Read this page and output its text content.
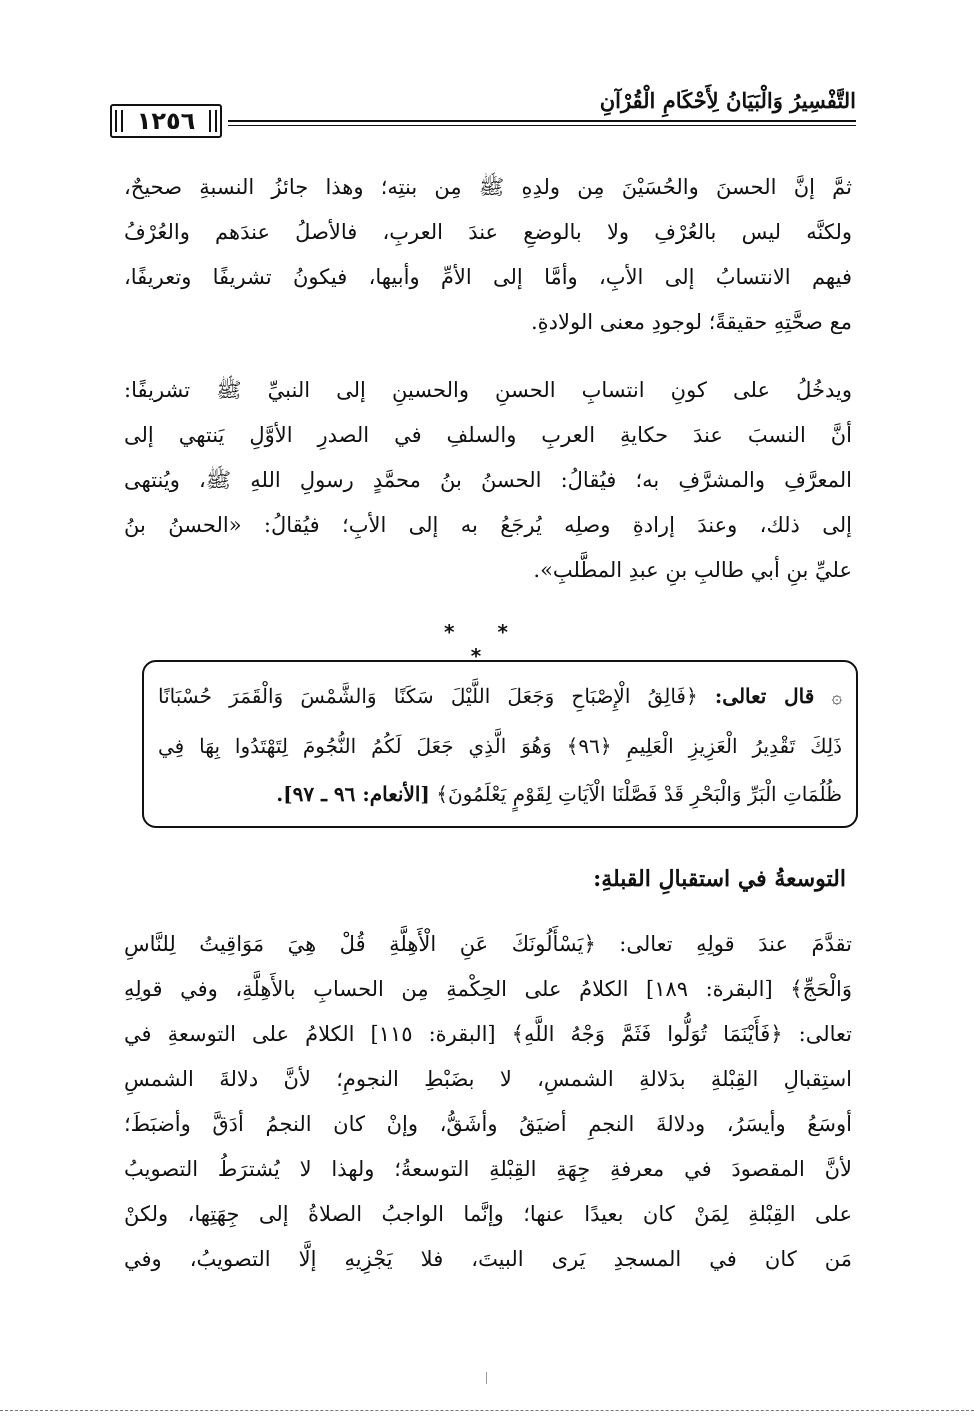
التَّفْسِيرُ وَالْبَيَانُ لِأَحْكَامِ الْقُرْآنِ
١٢٥٦
ثمَّ إنَّ الحسنَ والحُسَيْنَ مِن ولدِهِ ﷺ مِن بنتِه؛ وهذا جائزُ النسبةِ صحيحٌ،
ولكنَّه ليس بالعُرْفِ ولا بالوضعِ عندَ العربِ، فالأصلُ عندَهم والعُرْفُ
فيهم الانتسابُ إلى الأبِ، وأمَّا إلى الأمِّ وأبيها، فيكونُ تشريفًا وتعريفًا،
مع صحَّتِهِ حقيقةً؛ لوجودِ معنى الولادةِ.
ويدخُلُ على كونِ انتسابِ الحسنِ والحسينِ إلى النبيِّ ﷺ تشريفًا:
أنَّ النسبَ عندَ حكايةِ العربِ والسلفِ في الصدرِ الأوَّلِ يَنتهي إلى
المعرَّفِ والمشرَّفِ به؛ فيُقالُ: الحسنُ بنُ محمَّدٍ رسولِ اللهِ ﷺ، ويُنتهى
إلى ذلك، وعندَ إرادةِ وصلِه يُرجَعُ به إلى الأبِ؛ فيُقالُ: «الحسنُ بنُ
عليِّ بنِ أبي طالبِ بنِ عبدِ المطَّلبِ».
* * *
۞ قال تعالى: ﴿فَالِقُ الْإِصْبَاحِ وَجَعَلَ اللَّيْلَ سَكَنًا وَالشَّمْسَ وَالْقَمَرَ حُسْبَانًا
ذَلِكَ تَقْدِيرُ الْعَزِيزِ الْعَلِيمِ ﴿٩٦﴾ وَهُوَ الَّذِي جَعَلَ لَكُمُ النُّجُومَ لِتَهْتَدُوا بِهَا فِي
ظُلُمَاتِ الْبَرِّ وَالْبَحْرِ قَدْ فَصَّلْنَا الْآيَاتِ لِقَوْمٍ يَعْلَمُونَ﴾ [الأنعام: ٩٦ ـ ٩٧].
التوسعةُ في استقبالِ القبلةِ:
تقدَّمَ عندَ قولِهِ تعالى: ﴿يَسْأَلُونَكَ عَنِ الْأَهِلَّةِ قُلْ هِيَ مَوَاقِيتُ لِلنَّاسِ
وَالْحَجِّ﴾ [البقرة: ١٨٩] الكلامُ على الحِكْمةِ مِن الحسابِ بالأَهِلَّةِ، وفي قولِهِ
تعالى: ﴿فَأَيْنَمَا تُوَلُّوا فَثَمَّ وَجْهُ اللَّهِ﴾ [البقرة: ١١٥] الكلامُ على التوسعةِ في
استِقبالِ القِبْلةِ بدَلالةِ الشمسِ، لا بضَبْطِ النجومِ؛ لأنَّ دلالةَ الشمسِ
أوسَعُ وأيسَرُ، ودلالةَ النجمِ أضيَقُ وأشَقُّ، وإنْ كان النجمُ أدَقَّ وأضبَطَ؛
لأنَّ المقصودَ في معرفةِ جِهَةِ القِبْلةِ التوسعةُ؛ ولهذا لا يُشترَطُ التصويبُ
على القِبْلةِ لِمَنْ كان بعيدًا عنها؛ وإنَّما الواجبُ الصلاةُ إلى جِهَتِها، ولكنْ
مَن كان في المسجدِ يَرى البيتَ، فلا يَجْزِيهِ إلَّا التصويبُ، وفي
